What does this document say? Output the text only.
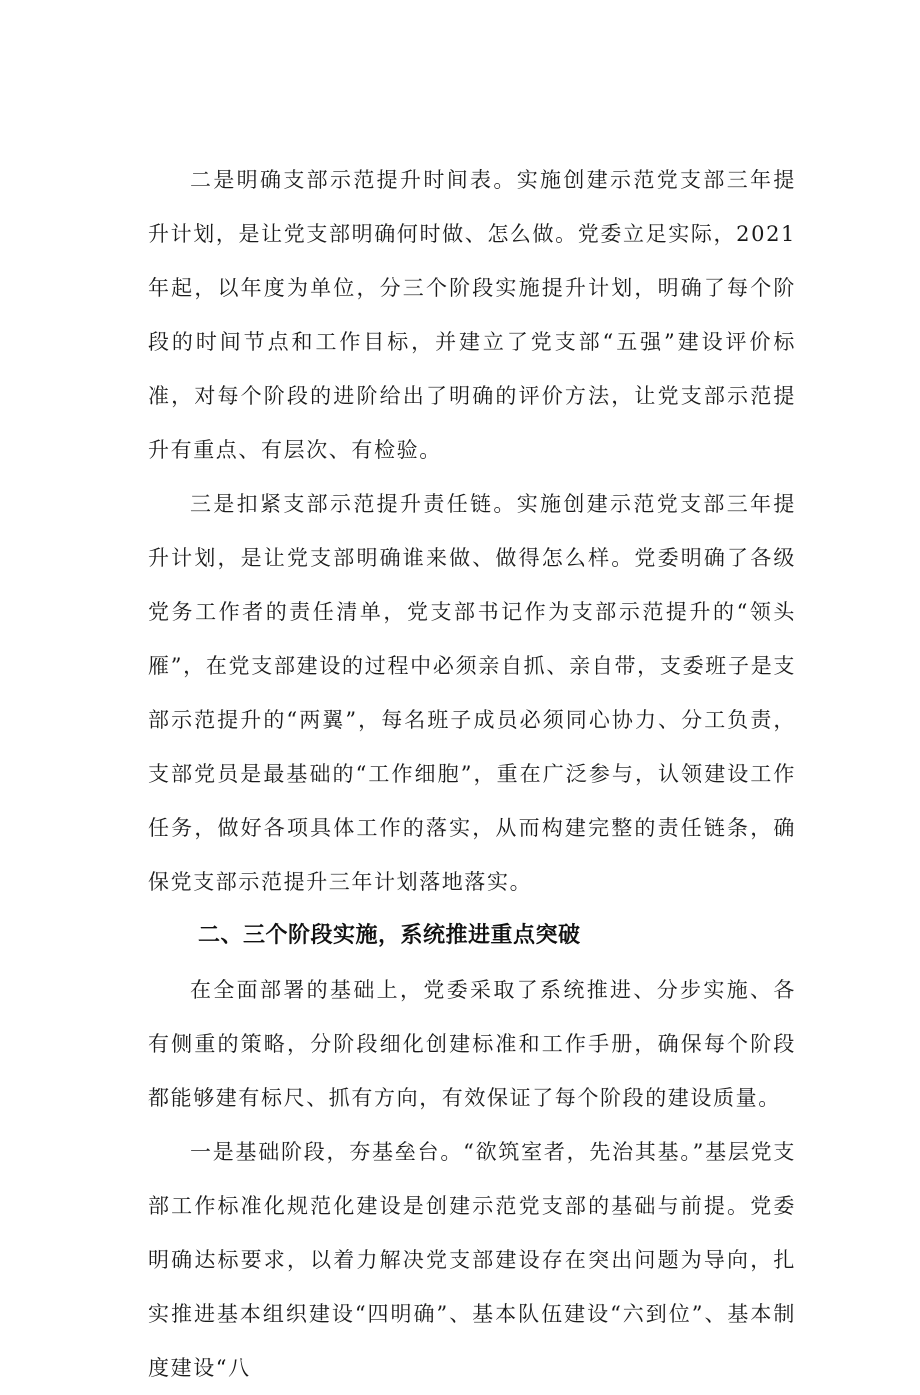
二是明确支部示范提升时间表。实施创建示范党支部三年提升计划，是让党支部明确何时做、怎么做。党委立足实际，2021年起，以年度为单位，分三个阶段实施提升计划，明确了每个阶段的时间节点和工作目标，并建立了党支部“五强”建设评价标准，对每个阶段的进阶给出了明确的评价方法，让党支部示范提升有重点、有层次、有检验。

三是扣紧支部示范提升责任链。实施创建示范党支部三年提升计划，是让党支部明确谁来做、做得怎么样。党委明确了各级党务工作者的责任清单，党支部书记作为支部示范提升的“领头雁”，在党支部建设的过程中必须亲自抓、亲自带，支委班子是支部示范提升的“两翼”，每名班子成员必须同心协力、分工负责，支部党员是最基础的“工作细胞”，重在广泛参与，认领建设工作任务，做好各项具体工作的落实，从而构建完整的责任链条，确保党支部示范提升三年计划落地落实。

二、三个阶段实施，系统推进重点突破

在全面部署的基础上，党委采取了系统推进、分步实施、各有侧重的策略，分阶段细化创建标准和工作手册，确保每个阶段都能够建有标尺、抓有方向，有效保证了每个阶段的建设质量。

一是基础阶段，夯基垒台。“欲筑室者，先治其基。”基层党支部工作标准化规范化建设是创建示范党支部的基础与前提。党委明确达标要求，以着力解决党支部建设存在突出问题为导向，扎实推进基本组织建设“四明确”、基本队伍建设“六到位”、基本制度建设“八
